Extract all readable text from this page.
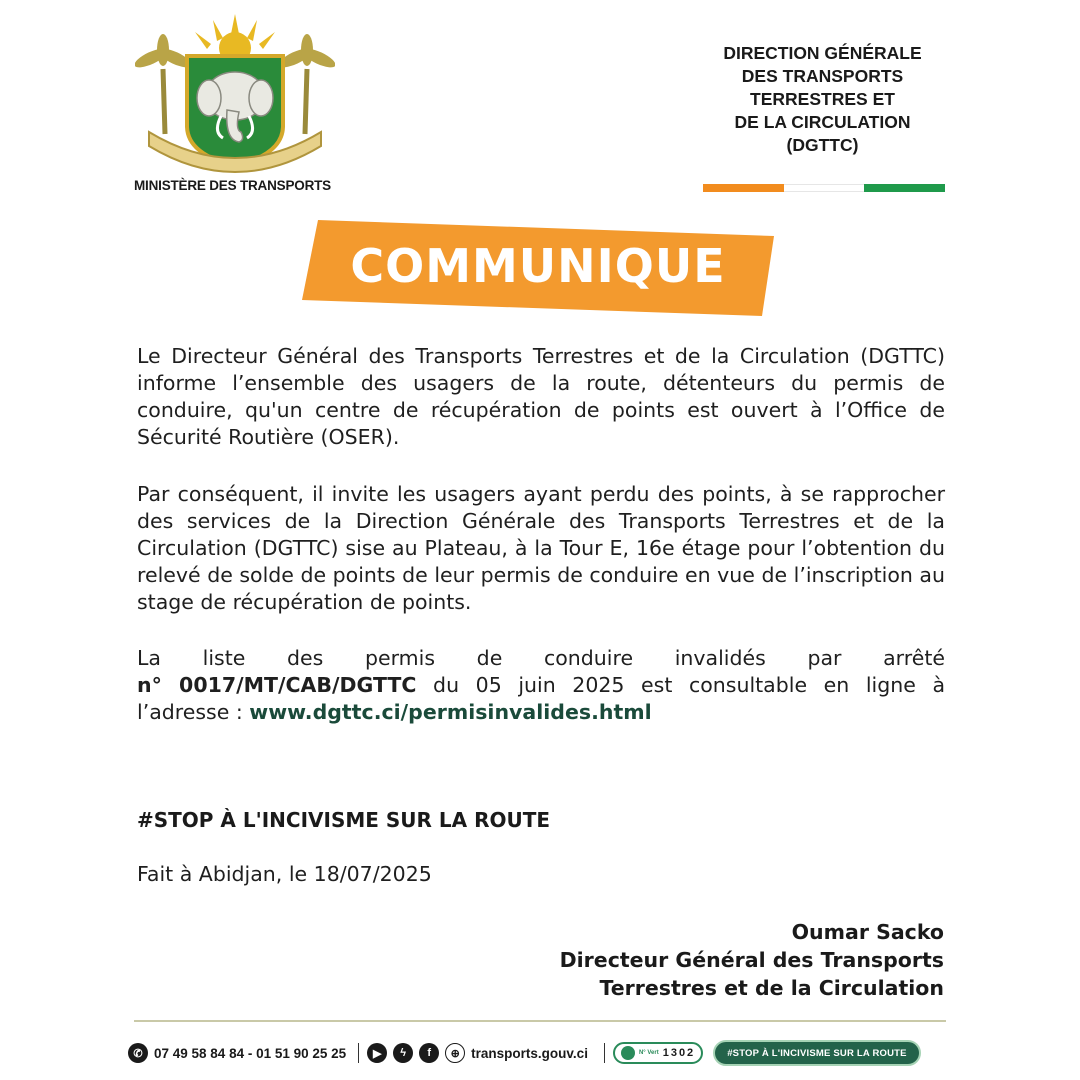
MINISTÈRE DES TRANSPORTS
DIRECTION GÉNÉRALE
DES TRANSPORTS
TERRESTRES ET
DE LA CIRCULATION
(DGTTC)
COMMUNIQUE

Le Directeur Général des Transports Terrestres et de la Circulation (DGTTC) informe l’ensemble des usagers de la route, détenteurs du permis de conduire, qu'un centre de récupération de points est ouvert à l’Office de Sécurité Routière (OSER).

Par conséquent, il invite les usagers ayant perdu des points, à se rapprocher des services de la Direction Générale des Transports Terrestres et de la Circulation (DGTTC) sise au Plateau, à la Tour E, 16e étage pour l’obtention du relevé de solde de points de leur permis de conduire en vue de l’inscription au stage de récupération de points.

La liste des permis de conduire invalidés par arrêté
n° 0017/MT/CAB/DGTTC du 05 juin 2025 est consultable en ligne à
l’adresse : www.dgttc.ci/permisinvalides.html
#STOP À L'INCIVISME SUR LA ROUTE
Fait à Abidjan, le 18/07/2025
Oumar Sacko
Directeur Général des Transports
Terrestres et de la Circulation
✆ 07 49 58 84 84 - 01 51 90 25 25	▶	ϟ	f	⊕ transports.gouv.ci	N° Vert 1302	#STOP À L'INCIVISME SUR LA ROUTE
